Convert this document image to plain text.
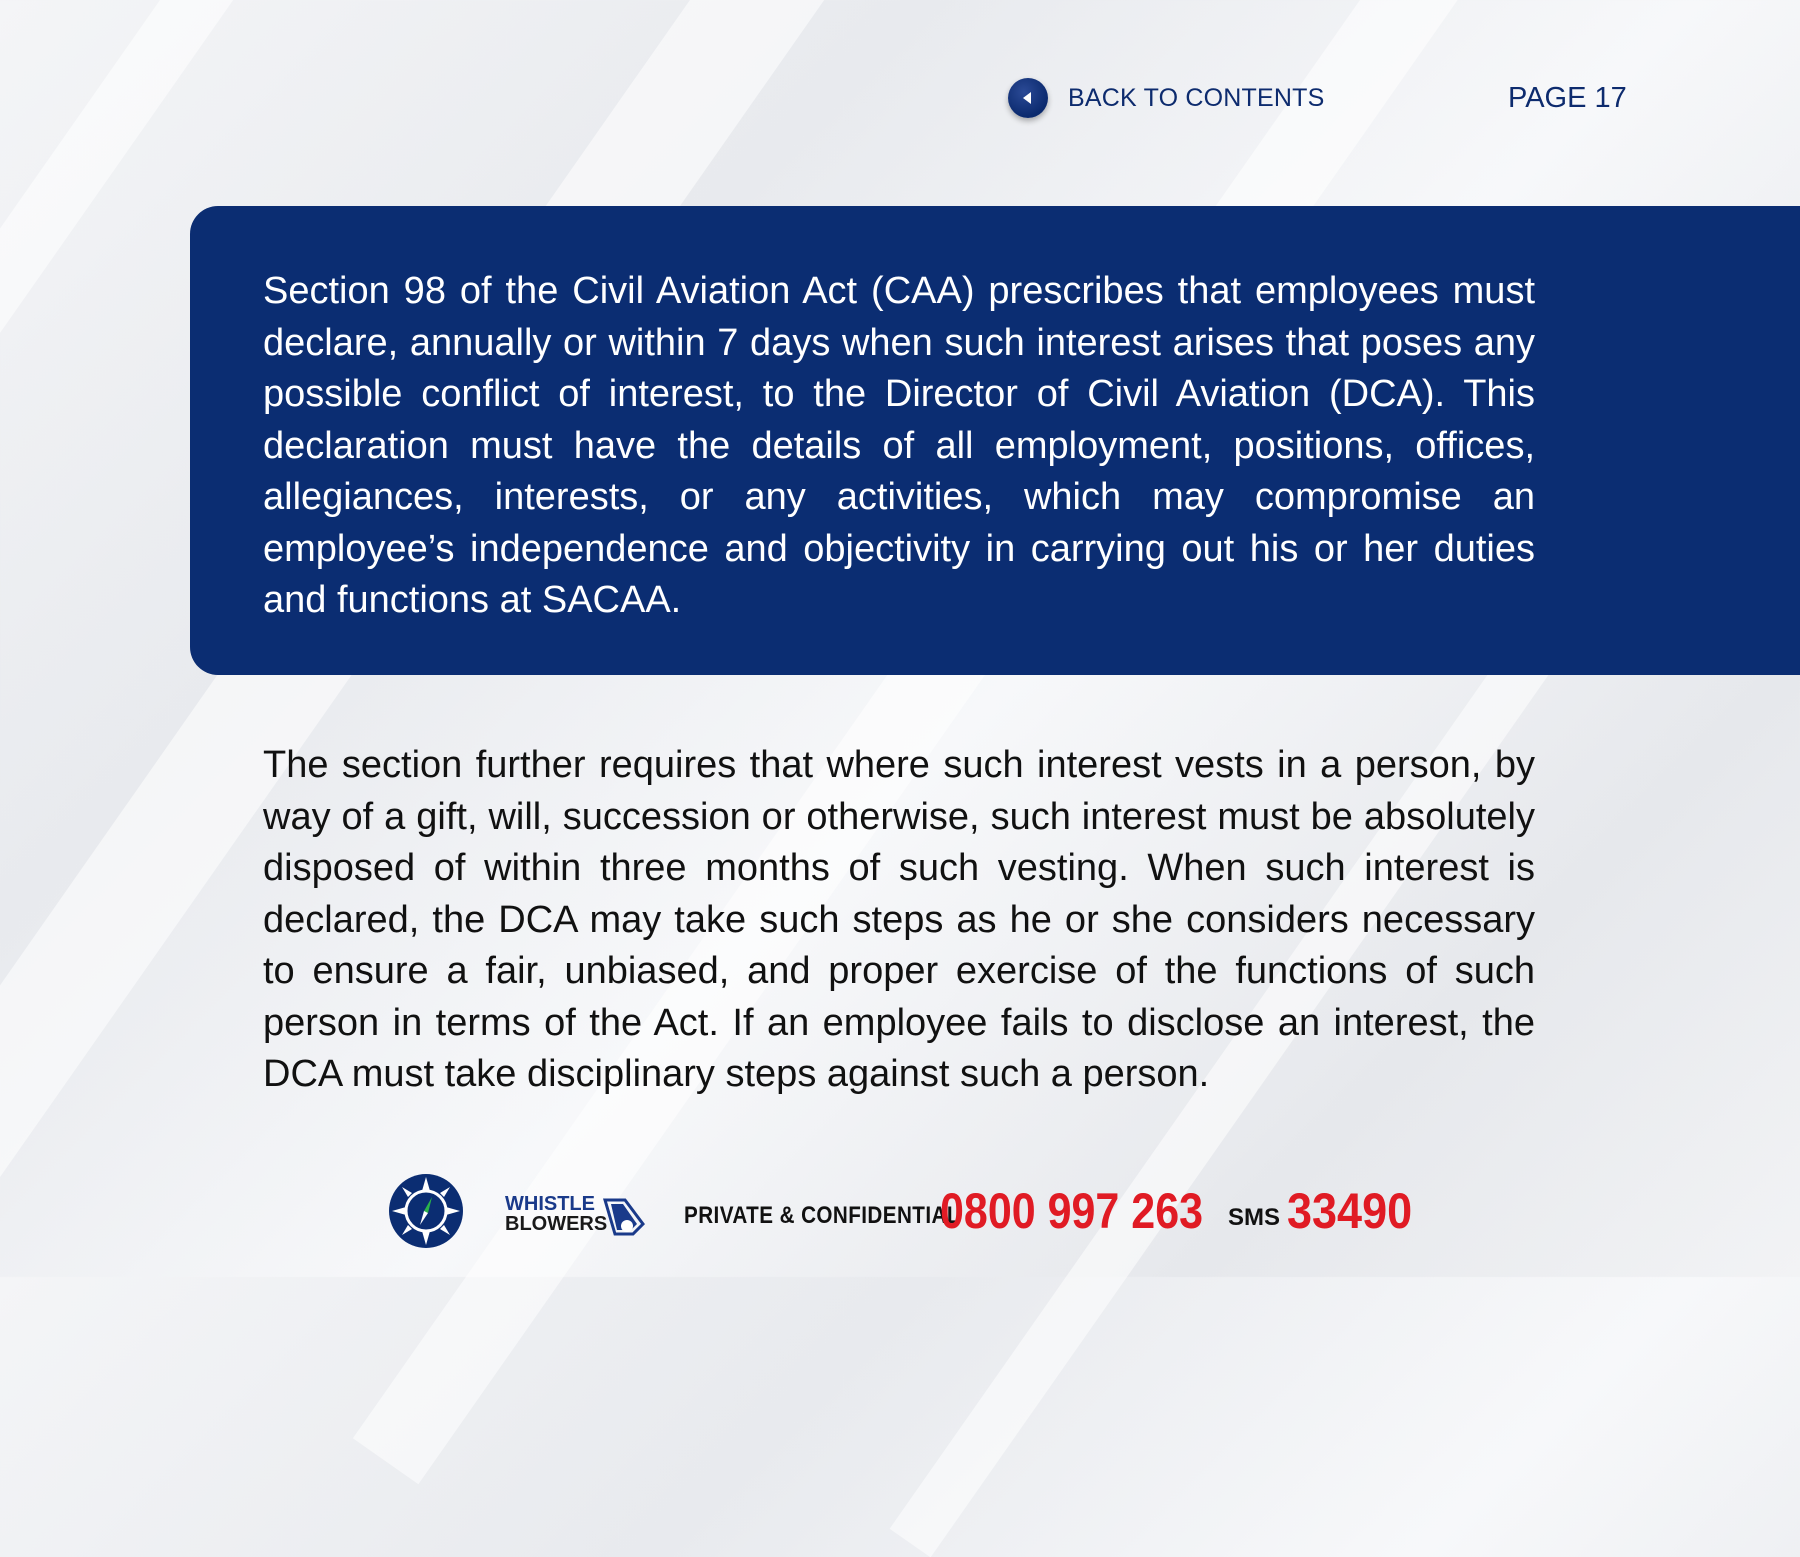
BACK TO CONTENTS	PAGE 17

Section 98 of the Civil Aviation Act (CAA) prescribes that employees must declare, annually or within 7 days when such interest arises that poses any possible conflict of interest, to the Director of Civil Aviation (DCA). This declaration must have the details of all employment, positions, offices, allegiances, interests, or any activities, which may compromise an employee’s independence and objectivity in carrying out his or her duties and functions at SACAA.

The section further requires that where such interest vests in a person, by way of a gift, will, succession or otherwise, such interest must be absolutely disposed of within three months of such vesting. When such interest is declared, the DCA may take such steps as he or she considers necessary to ensure a fair, unbiased, and proper exercise of the functions of such person in terms of the Act. If an employee fails to disclose an interest, the DCA must take disciplinary steps against such a person.

WHISTLE
BLOWERS	PRIVATE & CONFIDENTIAL
0800 997 263 SMS 33490
